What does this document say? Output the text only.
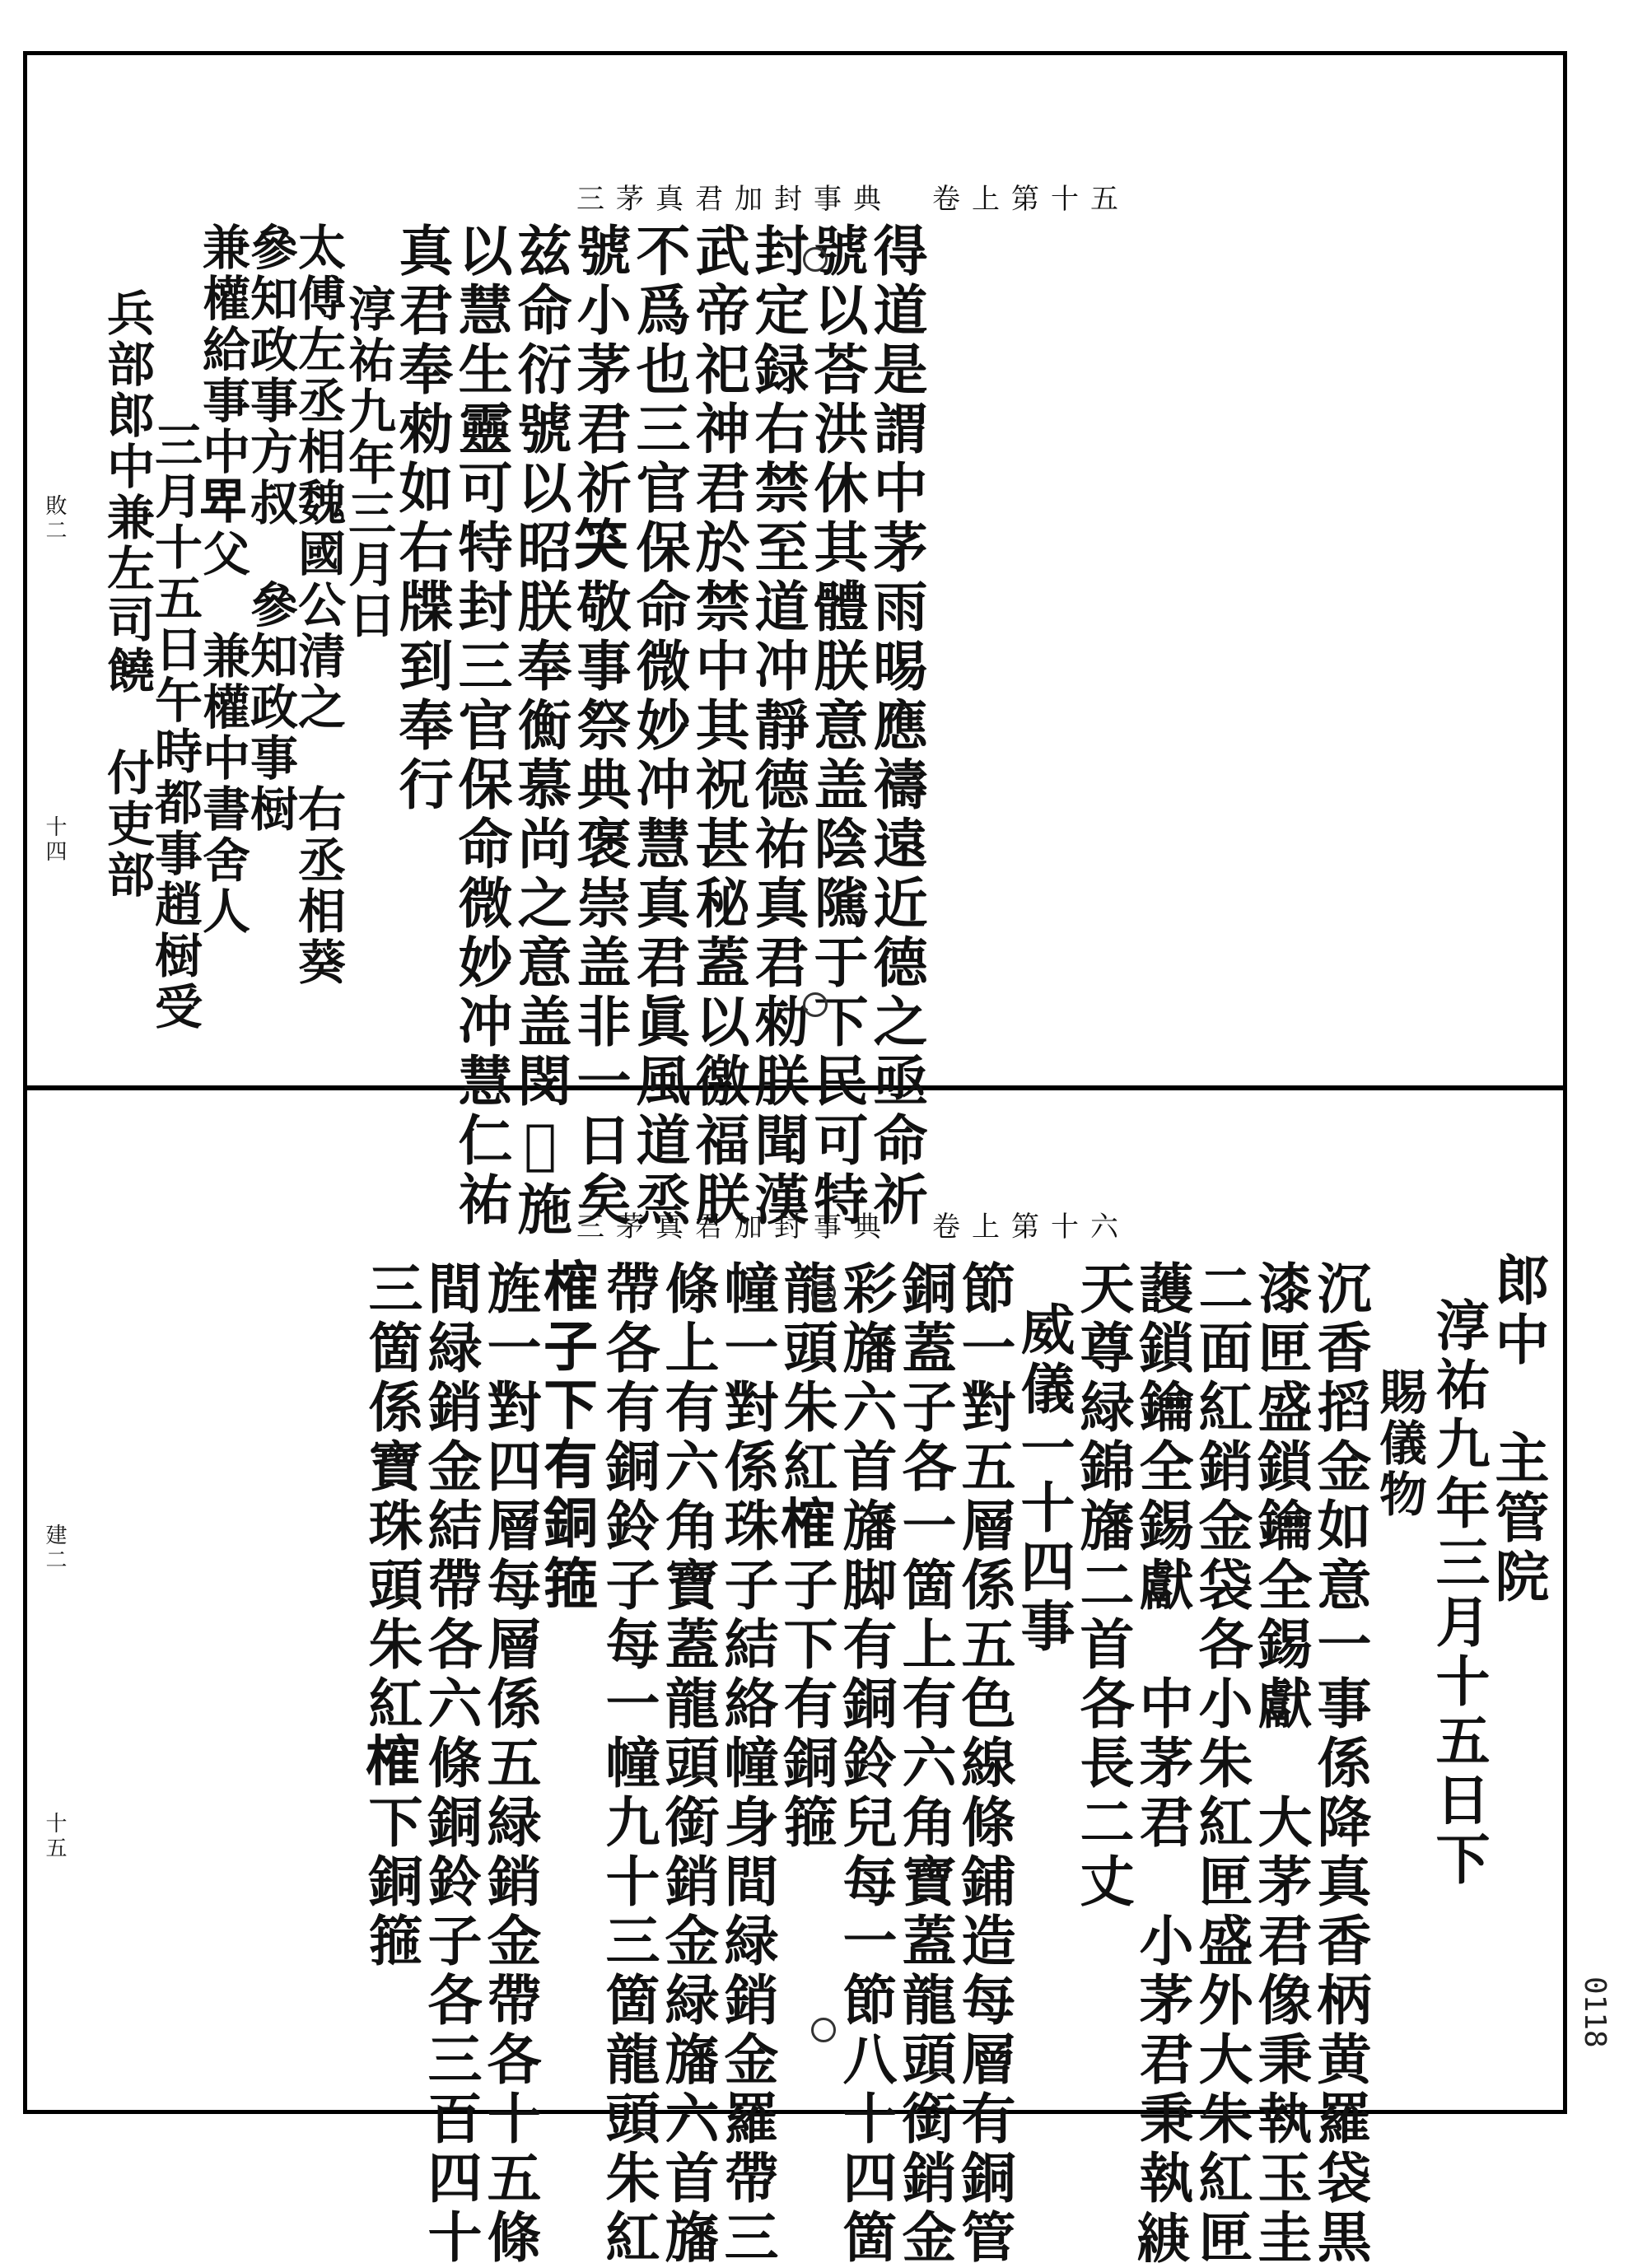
0118
三茅真君加封事典　卷上第十五
得道是謂中茅雨晹應禱遠近德之亟命祈
號以荅洪休其體朕意盖陰隲于下民可特
封定録右禁至道冲靜德祐真君勑朕聞漢
武帝祀神君於禁中其祝甚秘蓋以徼福朕
不爲也三官保命微妙冲慧真君眞風道烝
號小茅君祈𥬇敬事祭典褒崇盖非一日矣
兹命衍號以昭朕奉𢖍慕尚之意盖閔𠤷施
以慧生靈可特封三官保命微妙冲慧仁祐
真君奉勑如右牒到奉行
淳祐九年三月日
太傅左丞相魏國公清之　右丞相葵
參知政事方叔　參知政事𣗳
兼權給事中𤰞父　兼權中書舍人
三月十五日午時都事趙𣗳受
兵部郎中兼左司饒　付吏部
敗二
十四
三茅真君加封事典　卷上第十六
郎中　主管院
淳祐九年三月十五日下
賜儀物
沉香搯金如意一事係降真香柄黄羅袋黒
漆匣盛鎖鑰全錫獻　大茅君像秉執玉圭
二面紅銷金袋各小朱紅匣盛外大朱紅匣
䕶鎖鑰全錫獻　中茅君　小茅君秉執𦁶
天尊緑錦旛二首各長二丈
威儀一十四事
節一對五層係五色線條鋪造每層有銅管
銅蓋子各一箇上有六角寶蓋龍頭銜銷金
彩旛六首旛脚有銅鈴兒每一節八十四箇
龍頭朱紅𣙜子下有銅箍
幢一對係珠子結絡幢身間緑銷金羅帶三
條上有六角寶蓋龍頭銜銷金緑旛六首旛
帶各有銅鈴子每一幢九十三箇龍頭朱紅
𣙜子下有銅箍
旌一對四層每層係五緑銷金帶各十五條
間緑銷金結帶各六條銅鈴子各三百四十
三箇係寶珠頭朱紅𣙜下銅箍
建二
十五
